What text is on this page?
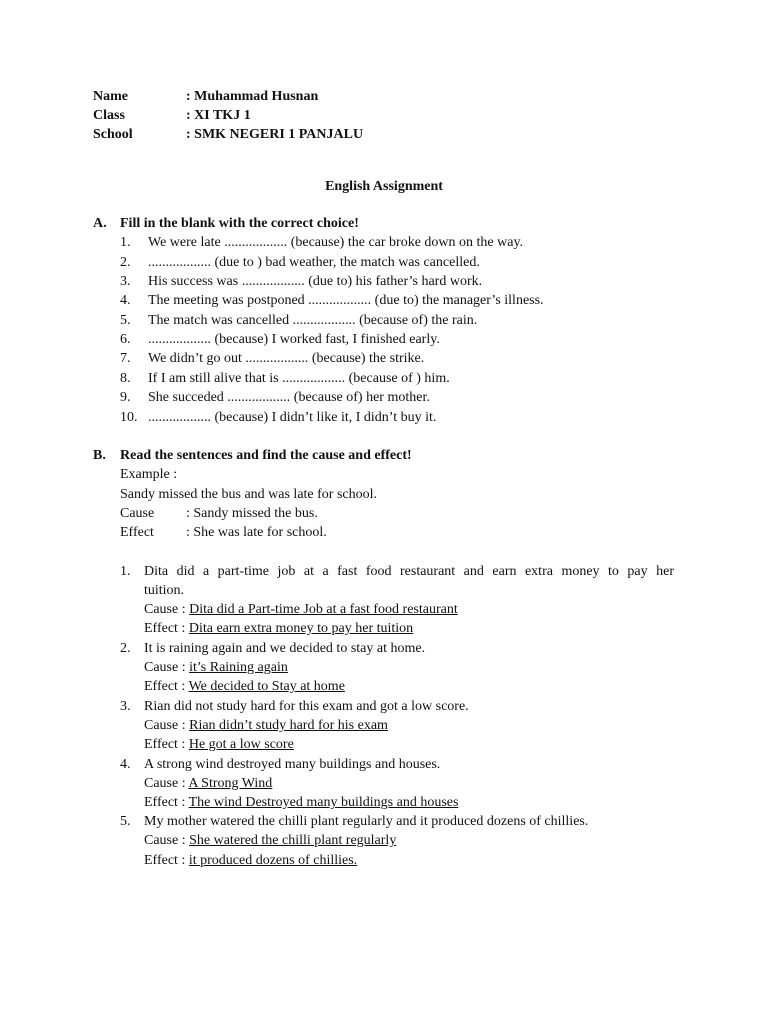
Name	: Muhammad Husnan
Class	: XI TKJ 1
School	: SMK NEGERI 1 PANJALU
English Assignment
A. Fill in the blank with the correct choice!
1. We were late .................. (because) the car broke down on the way.
2. .................. (due to ) bad weather, the match was cancelled.
3. His success was .................. (due to) his father’s hard work.
4. The meeting was postponed .................. (due to) the manager’s illness.
5. The match was cancelled .................. (because of) the rain.
6. .................. (because) I worked fast, I finished early.
7. We didn’t go out .................. (because) the strike.
8. If I am still alive that is .................. (because of ) him.
9. She succeded .................. (because of) her mother.
10. .................. (because) I didn’t like it, I didn’t buy it.
B. Read the sentences and find the cause and effect!
Example :
Sandy missed the bus and was late for school.
Cause : Sandy missed the bus.
Effect : She was late for school.
1. Dita did a part-time job at a fast food restaurant and earn extra money to pay her
tuition.
Cause : Dita did a Part-time Job at a fast food restaurant
Effect : Dita earn extra money to pay her tuition
2. It is raining again and we decided to stay at home.
Cause : it’s Raining again
Effect : We decided to Stay at home
3. Rian did not study hard for this exam and got a low score.
Cause : Rian didn’t study hard for his exam
Effect : He got a low score
4. A strong wind destroyed many buildings and houses.
Cause : A Strong Wind
Effect : The wind Destroyed many buildings and houses
5. My mother watered the chilli plant regularly and it produced dozens of chillies.
Cause : She watered the chilli plant regularly
Effect : it produced dozens of chillies.
